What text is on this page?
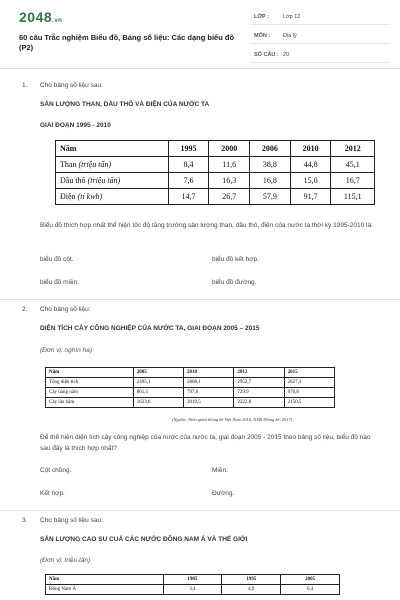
2048.vn
60 câu Trắc nghiệm Biểu đồ, Bảng số liệu: Các dạng biểu đồ (P2)
LỚP :	Lớp 12
MÔN : Địa lý
SỐ CÂU : 20
1. Cho bảng số liệu sau:
SẢN LƯỢNG THAN, DẦU THÔ VÀ ĐIỆN CỦA NƯỚC TA
GIAI ĐOẠN 1995 - 2010
Năm	1995	2000	2006	2010	2012
Than (triệu tấn)	8,4	11,6	38,8	44,8	45,1
Dầu thô (triệu tấn)	7,6	16,3	16,8	15,0	16,7
Điện (tỉ kwh)	14,7	26,7	57,9	91,7	115,1
Biểu đồ thích hợp nhất thể hiện tốc độ tăng trưởng sản lượng than, dầu thô, điện của nước ta thời kỳ 1995-2010 là:
biểu đồ cột.	biểu đồ kết hợp.
biểu đồ miền.	biểu đồ đường.
2. Cho bảng số liệu:
DIỆN TÍCH CÂY CÔNG NGHIỆP CỦA NƯỚC TA, GIAI ĐOẠN 2005 – 2015
(Đơn vị: nghìn ha)
Năm	2005	2010	2012	2015
Tổng diện tích	2495,1	2808,1	2952,7	2827,3
Cây hàng năm	861,5	797,6	729,9	676,8
Cây lâu năm	1633,6	2010,5	2222,8	2150,5
(Nguồn: Niên giám thống kê Việt Nam 2016, NXB Thống kê, 2017)
Để thể hiện diện tích cây công nghiệp của nước của nước ta, giai đoạn 2005 - 2015 theo bảng số liệu, biểu đồ nào sau đây là thích hợp nhất?
Cột chồng.	Miền.
Kết hợp.	Đường.
3. Cho bảng số liệu sau:
SẢN LƯỢNG CAO SU CUẢ CÁC NƯỚC ĐÔNG NAM Á VÀ THẾ GIỚI
(Đơn vị: triệu tấn)
Năm	1985	1995	2005
Đông Nam Á	3,4	4,9	6,4
